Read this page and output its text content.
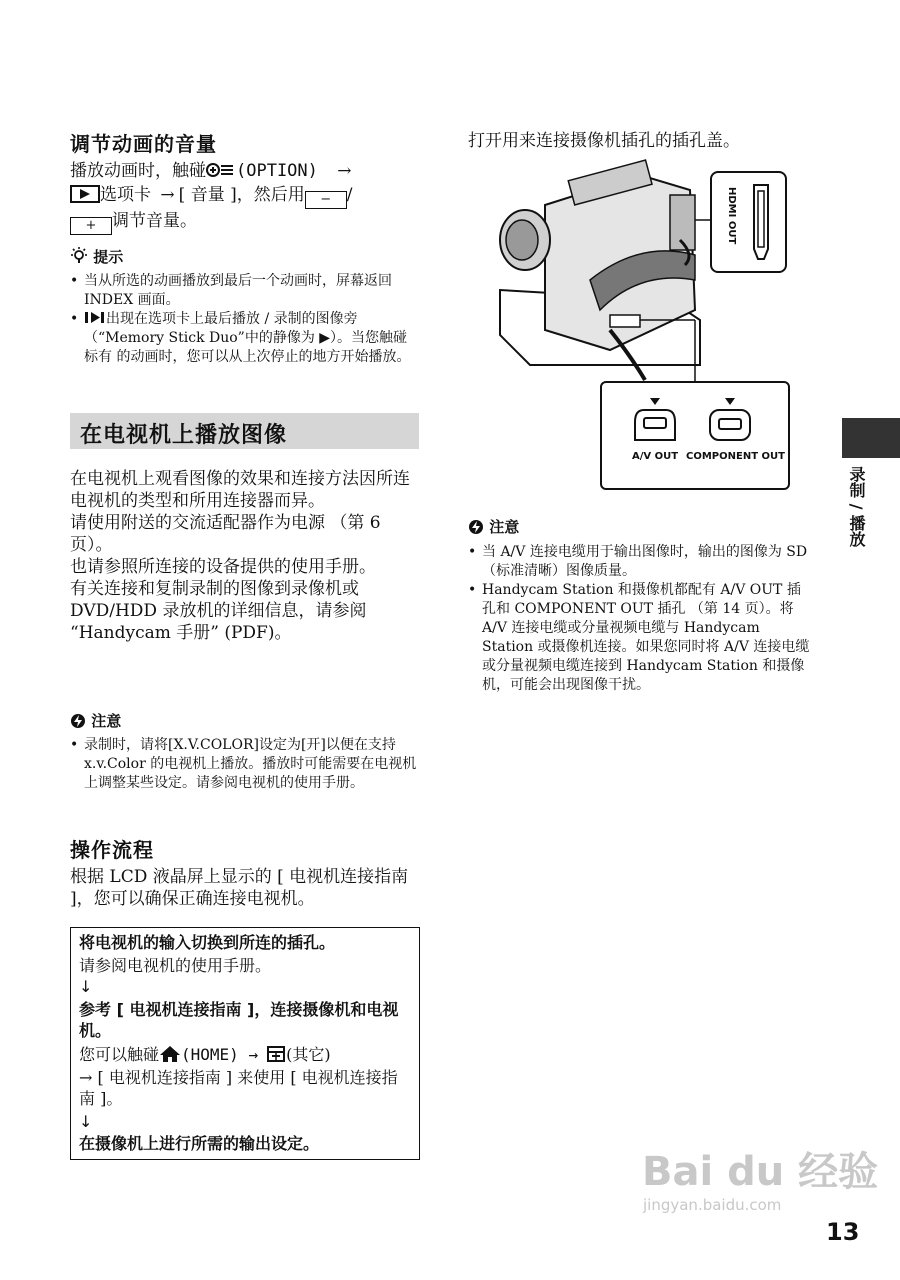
调节动画的音量
播放动画时，触碰 (OPTION) →
选项卡 → [ 音量 ]，然后用 − /
+ 调节音量。
提示
• 当从所选的动画播放到最后一个动画时，屏幕返回 INDEX 画面。
• 出现在选项卡上最后播放 / 录制的图像旁（“Memory Stick Duo”中的静像为 ▶）。当您触碰标有 的动画时，您可以从上次停止的地方开始播放。
在电视机上播放图像
在电视机上观看图像的效果和连接方法因所连电视机的类型和所用连接器而异。
请使用附送的交流适配器作为电源 （第 6 页）。
也请参照所连接的设备提供的使用手册。
有关连接和复制录制的图像到录像机或 DVD/HDD 录放机的详细信息，请参阅 “Handycam 手册” (PDF)。
注意
• 录制时，请将[X.V.COLOR]设定为[开]以便在支持 x.v.Color 的电视机上播放。播放时可能需要在电视机上调整某些设定。请参阅电视机的使用手册。
操作流程
根据 LCD 液晶屏上显示的 [ 电视机连接指南 ]，您可以确保正确连接电视机。
将电视机的输入切换到所连的插孔。
请参阅电视机的使用手册。
↓
参考 [ 电视机连接指南 ]，连接摄像机和电视机。
您可以触碰 (HOME) → (其它)
→ [ 电视机连接指南 ] 来使用 [ 电视机连接指南 ]。
↓
在摄像机上进行所需的输出设定。
打开用来连接摄像机插孔的插孔盖。
HDMI OUT
A/V OUT COMPONENT OUT
注意
• 当 A/V 连接电缆用于输出图像时，输出的图像为 SD （标准清晰）图像质量。
• Handycam Station 和摄像机都配有 A/V OUT 插孔和 COMPONENT OUT 插孔 （第 14 页）。将 A/V 连接电缆或分量视频电缆与 Handycam Station 或摄像机连接。如果您同时将 A/V 连接电缆或分量视频电缆连接到 Handycam Station 和摄像机，可能会出现图像干扰。
录制 / 播放
Bai du 经验
jingyan.baidu.com
13
